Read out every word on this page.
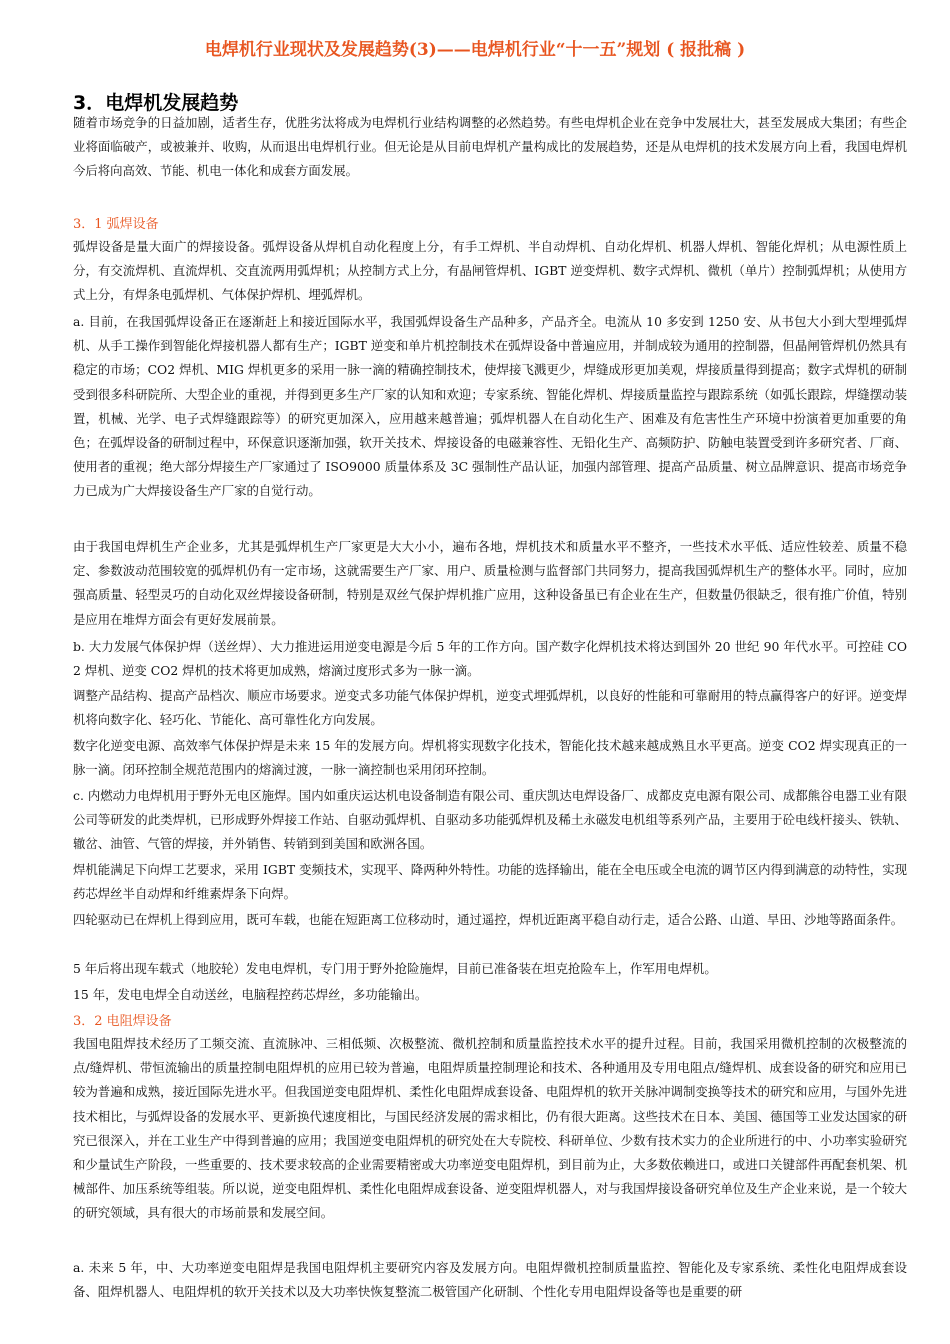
电焊机行业现状及发展趋势(3)——电焊机行业“十一五”规划 ( 报批稿 )
3．电焊机发展趋势
随着市场竞争的日益加剧，适者生存，优胜劣汰将成为电焊机行业结构调整的必然趋势。有些电焊机企业在竞争中发展壮大，甚至发展成大集团；有些企业将面临破产，或被兼并、收购，从而退出电焊机行业。但无论是从目前电焊机产量构成比的发展趋势，还是从电焊机的技术发展方向上看，我国电焊机今后将向高效、节能、机电一体化和成套方面发展。
3．1 弧焊设备
弧焊设备是量大面广的焊接设备。弧焊设备从焊机自动化程度上分，有手工焊机、半自动焊机、自动化焊机、机器人焊机、智能化焊机；从电源性质上分，有交流焊机、直流焊机、交直流两用弧焊机；从控制方式上分，有晶闸管焊机、IGBT 逆变焊机、数字式焊机、微机（单片）控制弧焊机；从使用方式上分，有焊条电弧焊机、气体保护焊机、埋弧焊机。
a. 目前，在我国弧焊设备正在逐渐赶上和接近国际水平，我国弧焊设备生产品种多，产品齐全。电流从 10 多安到 1250 安、从书包大小到大型埋弧焊机、从手工操作到智能化焊接机器人都有生产；IGBT 逆变和单片机控制技术在弧焊设备中普遍应用，并制成较为通用的控制器，但晶闸管焊机仍然具有稳定的市场；CO2 焊机、MIG 焊机更多的采用一脉一滴的精确控制技术，使焊接飞溅更少，焊缝成形更加美观，焊接质量得到提高；数字式焊机的研制受到很多科研院所、大型企业的重视，并得到更多生产厂家的认知和欢迎；专家系统、智能化焊机、焊接质量监控与跟踪系统（如弧长跟踪，焊缝摆动装置，机械、光学、电子式焊缝跟踪等）的研究更加深入，应用越来越普遍；弧焊机器人在自动化生产、困难及有危害性生产环境中扮演着更加重要的角色；在弧焊设备的研制过程中，环保意识逐渐加强，软开关技术、焊接设备的电磁兼容性、无铅化生产、高频防护、防触电装置受到许多研究者、厂商、使用者的重视；绝大部分焊接生产厂家通过了 ISO9000 质量体系及 3C 强制性产品认证，加强内部管理、提高产品质量、树立品牌意识、提高市场竞争力已成为广大焊接设备生产厂家的自觉行动。
由于我国电焊机生产企业多，尤其是弧焊机生产厂家更是大大小小，遍布各地，焊机技术和质量水平不整齐，一些技术水平低、适应性较差、质量不稳定、参数波动范围较宽的弧焊机仍有一定市场，这就需要生产厂家、用户、质量检测与监督部门共同努力，提高我国弧焊机生产的整体水平。同时，应加强高质量、轻型灵巧的自动化双丝焊接设备研制，特别是双丝气保护焊机推广应用，这种设备虽已有企业在生产，但数量仍很缺乏，很有推广价值，特别是应用在堆焊方面会有更好发展前景。
b. 大力发展气体保护焊（送丝焊）、大力推进运用逆变电源是今后 5 年的工作方向。国产数字化焊机技术将达到国外 20 世纪 90 年代水平。可控硅 CO2 焊机、逆变 CO2 焊机的技术将更加成熟，熔滴过度形式多为一脉一滴。
调整产品结构、提高产品档次、顺应市场要求。逆变式多功能气体保护焊机，逆变式埋弧焊机，以良好的性能和可靠耐用的特点赢得客户的好评。逆变焊机将向数字化、轻巧化、节能化、高可靠性化方向发展。
数字化逆变电源、高效率气体保护焊是未来 15 年的发展方向。焊机将实现数字化技术，智能化技术越来越成熟且水平更高。逆变 CO2 焊实现真正的一脉一滴。闭环控制全规范范围内的熔滴过渡，一脉一滴控制也采用闭环控制。
c. 内燃动力电焊机用于野外无电区施焊。国内如重庆运达机电设备制造有限公司、重庆凯达电焊设备厂、成都皮克电源有限公司、成都熊谷电器工业有限公司等研发的此类焊机，已形成野外焊接工作站、自驱动弧焊机、自驱动多功能弧焊机及稀土永磁发电机组等系列产品，主要用于砼电线杆接头、铁轨、辙岔、油管、气管的焊接，并外销售、转销到到美国和欧洲各国。
焊机能满足下向焊工艺要求，采用 IGBT 变频技术，实现平、降两种外特性。功能的选择输出，能在全电压或全电流的调节区内得到满意的动特性，实现药芯焊丝半自动焊和纤维素焊条下向焊。
四轮驱动已在焊机上得到应用，既可车载，也能在短距离工位移动时，通过遥控，焊机近距离平稳自动行走，适合公路、山道、旱田、沙地等路面条件。
5 年后将出现车载式（地胶轮）发电电焊机，专门用于野外抢险施焊，目前已准备装在坦克抢险车上，作军用电焊机。
15 年，发电电焊全自动送丝，电脑程控药芯焊丝，多功能输出。
3．2 电阻焊设备
我国电阻焊技术经历了工频交流、直流脉冲、三相低频、次极整流、微机控制和质量监控技术水平的提升过程。目前，我国采用微机控制的次极整流的点/缝焊机、带恒流输出的质量控制电阻焊机的应用已较为普遍，电阻焊质量控制理论和技术、各种通用及专用电阻点/缝焊机、成套设备的研究和应用已较为普遍和成熟，接近国际先进水平。但我国逆变电阻焊机、柔性化电阻焊成套设备、电阻焊机的软开关脉冲调制变换等技术的研究和应用，与国外先进技术相比，与弧焊设备的发展水平、更新换代速度相比，与国民经济发展的需求相比，仍有很大距离。这些技术在日本、美国、德国等工业发达国家的研究已很深入，并在工业生产中得到普遍的应用；我国逆变电阻焊机的研究处在大专院校、科研单位、少数有技术实力的企业所进行的中、小功率实验研究和少量试生产阶段，一些重要的、技术要求较高的企业需要精密或大功率逆变电阻焊机，到目前为止，大多数依赖进口，或进口关键部件再配套机架、机械部件、加压系统等组装。所以说，逆变电阻焊机、柔性化电阻焊成套设备、逆变阻焊机器人，对与我国焊接设备研究单位及生产企业来说，是一个较大的研究领域，具有很大的市场前景和发展空间。
a. 未来 5 年，中、大功率逆变电阻焊是我国电阻焊机主要研究内容及发展方向。电阻焊微机控制质量监控、智能化及专家系统、柔性化电阻焊成套设备、阻焊机器人、电阻焊机的软开关技术以及大功率快恢复整流二极管国产化研制、个性化专用电阻焊设备等也是重要的研
